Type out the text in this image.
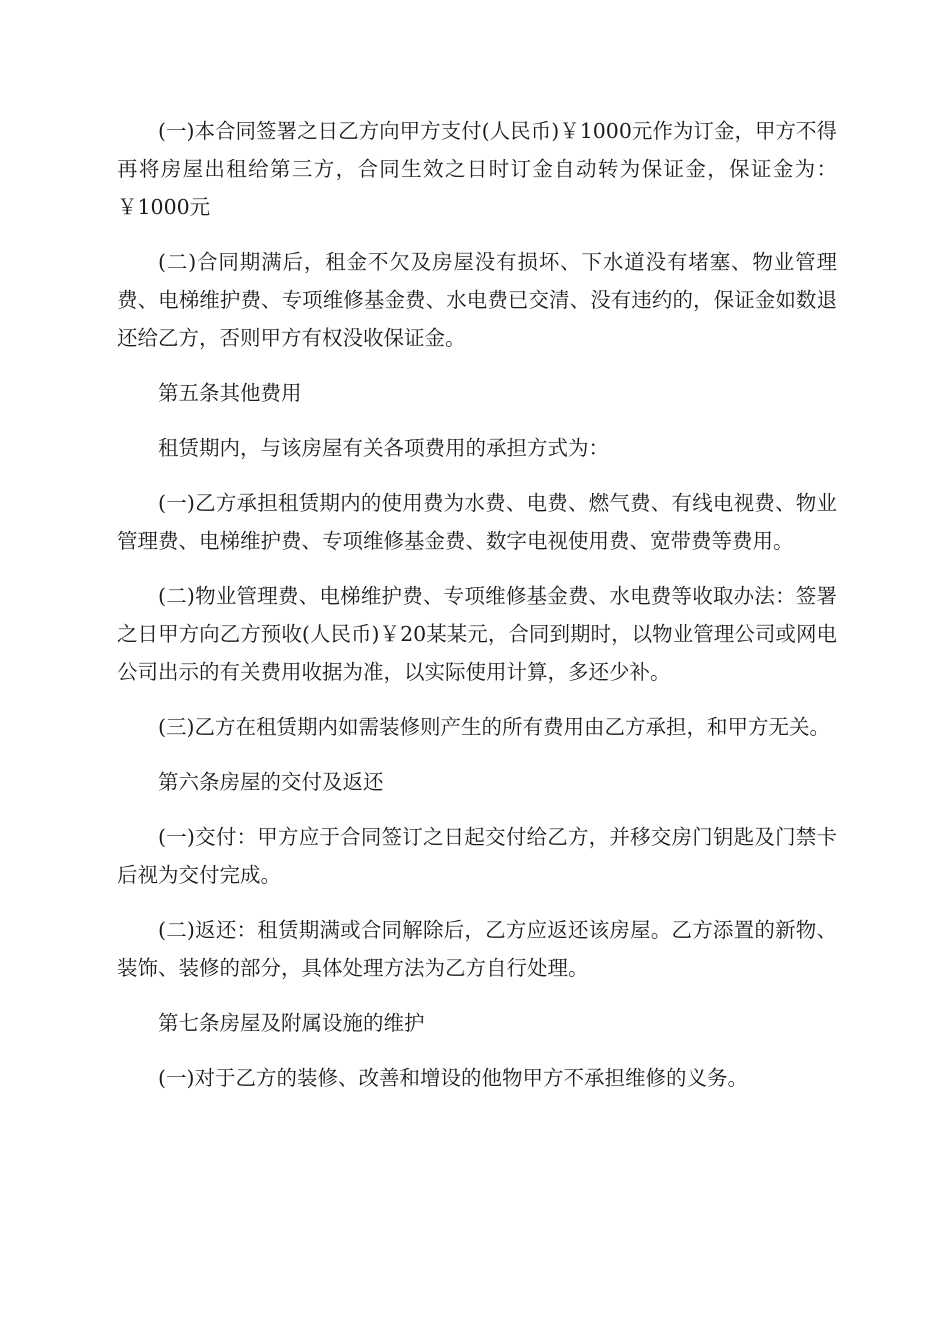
(一)本合同签署之日乙方向甲方支付(人民币)￥1000元作为订金，甲方不得再将房屋出租给第三方，合同生效之日时订金自动转为保证金，保证金为：￥1000元

(二)合同期满后，租金不欠及房屋没有损坏、下水道没有堵塞、物业管理费、电梯维护费、专项维修基金费、水电费已交清、没有违约的，保证金如数退还给乙方，否则甲方有权没收保证金。

第五条其他费用

租赁期内，与该房屋有关各项费用的承担方式为：

(一)乙方承担租赁期内的使用费为水费、电费、燃气费、有线电视费、物业管理费、电梯维护费、专项维修基金费、数字电视使用费、宽带费等费用。

(二)物业管理费、电梯维护费、专项维修基金费、水电费等收取办法：签署之日甲方向乙方预收(人民币)￥20某某元，合同到期时，以物业管理公司或网电公司出示的有关费用收据为准，以实际使用计算，多还少补。

(三)乙方在租赁期内如需装修则产生的所有费用由乙方承担，和甲方无关。

第六条房屋的交付及返还

(一)交付：甲方应于合同签订之日起交付给乙方，并移交房门钥匙及门禁卡后视为交付完成。

(二)返还：租赁期满或合同解除后，乙方应返还该房屋。乙方添置的新物、装饰、装修的部分，具体处理方法为乙方自行处理。

第七条房屋及附属设施的维护

(一)对于乙方的装修、改善和增设的他物甲方不承担维修的义务。
